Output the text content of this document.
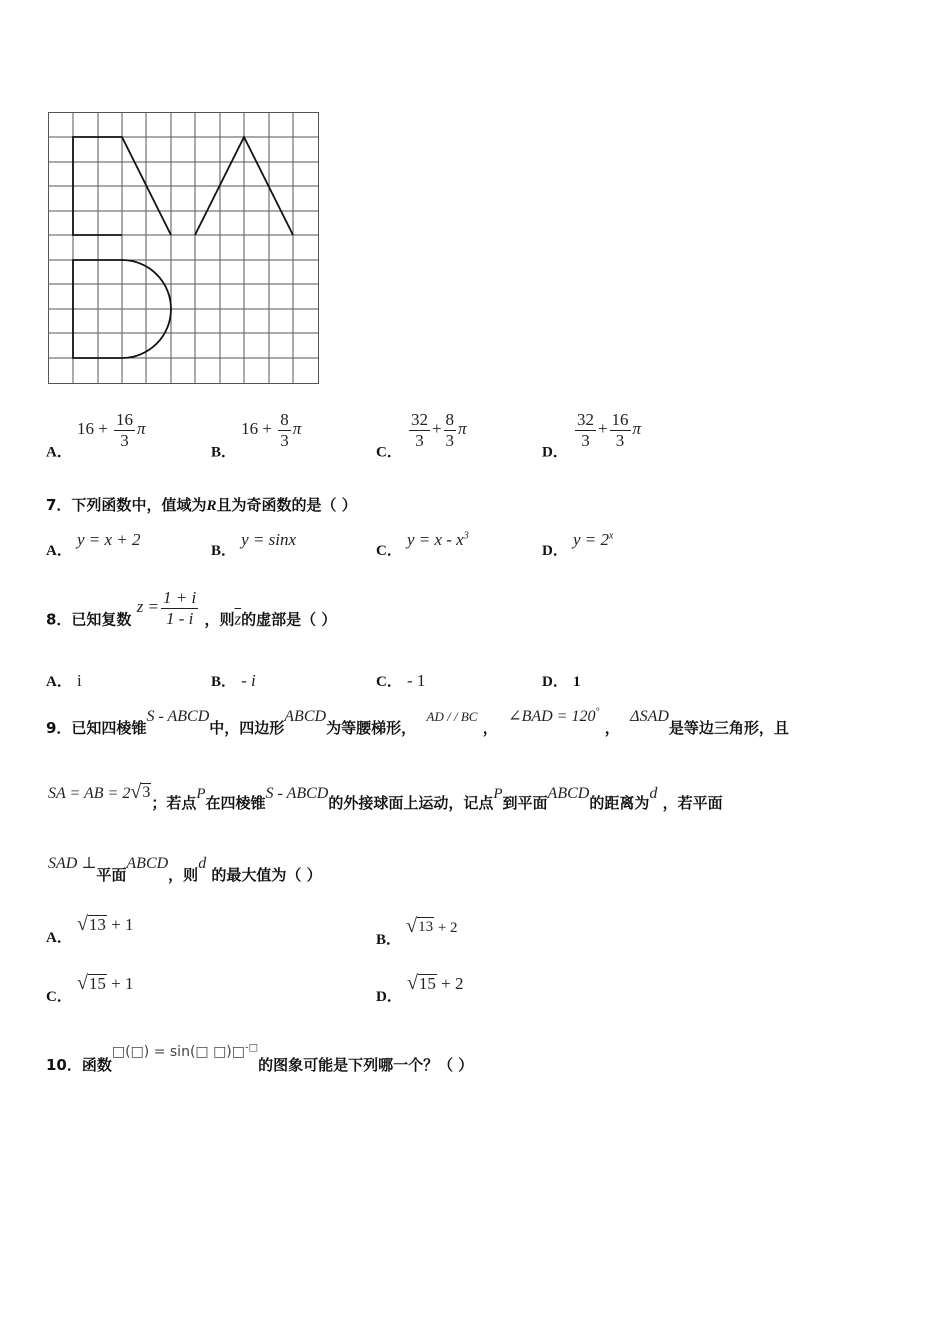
A． $16 + \frac{16}{3}$ π
B． $16 + \frac{8}{3}$ π
C．
$\frac{32}{3} + \frac{8}{3}$ π
D．
$\frac{32}{3} + \frac{16}{3}$ π
7．下列函数中，值域为R且为奇函数的是（ ）
A． y = x + 2
B． y = sinx
C． $y = x - x^3$
D． $y = 2^x$
8．已知复数 $z = \frac{1 + i}{1 - i}$ ，则$\overline{z}$的虚部是（ ）
A． i	B． - i	C． - 1	D． 1
9．已知四棱锥S - ABCD中，四边形ABCD为等腰梯形，  AD / / BC ，  ∠BAD = 120° ，  ΔSAD是等边三角形，且
SA = AB = 2 √ 3
；若点P在四棱锥S - ABCD的外接球面上运动，记点P到平面ABCD的距离为d ，若平面
SAD ⊥平面ABCD，则d 的最大值为（ ）
A．
√ 13 + 1
B．
√ 13 + 2
C．
√ 15 + 1
D．
√ 15 + 2
10．函数□(□) = sin(□ □)□-□的图象可能是下列哪一个？（ ）
